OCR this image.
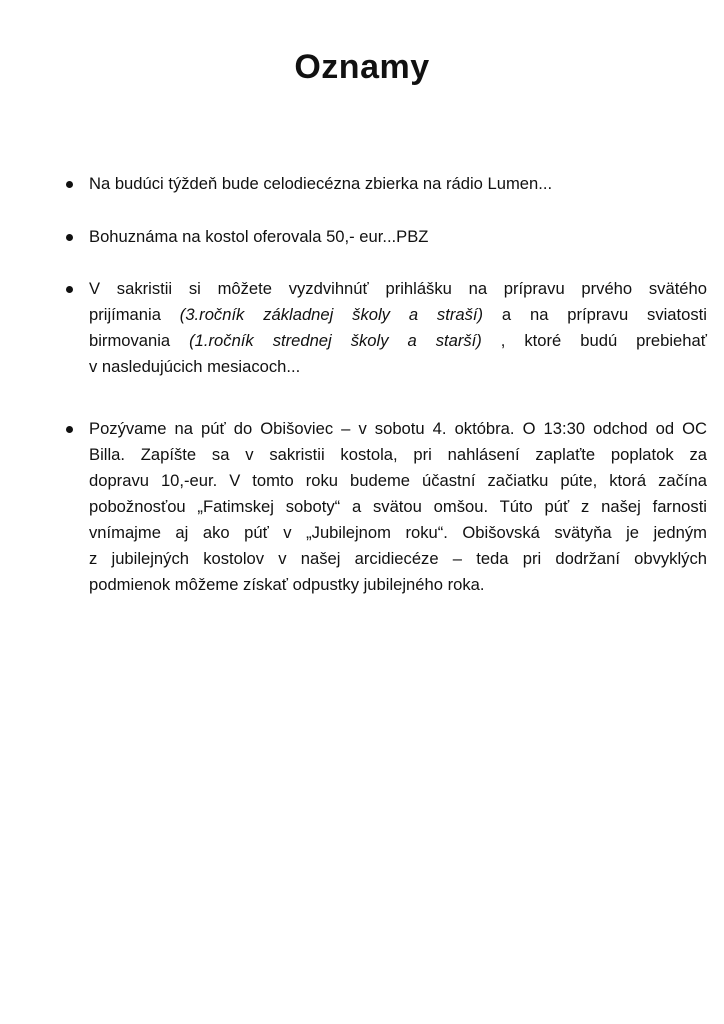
Oznamy
Na budúci týždeň bude celodiecézna zbierka na rádio Lumen...
Bohuznáma na kostol oferovala 50,- eur...PBZ
V sakristii si môžete vyzdvihnúť prihlášku na prípravu prvého svätého
prijímania (3.ročník základnej školy a straší) a na prípravu sviatosti
birmovania (1.ročník strednej školy a starší) , ktoré budú prebiehať
v nasledujúcich mesiacoch...
Pozývame na púť do Obišoviec – v sobotu 4. októbra. O 13:30 odchod od OC
Billa. Zapíšte sa v sakristii kostola, pri nahlásení zaplaťte poplatok za
dopravu 10,-eur. V tomto roku budeme účastní začiatku púte, ktorá začína
pobožnosťou „Fatimskej soboty“ a svätou omšou. Túto púť z našej farnosti
vnímajme aj ako púť v „Jubilejnom roku“. Obišovská svätyňa je jedným
z jubilejných kostolov v našej arcidiecéze – teda pri dodržaní obvyklých
podmienok môžeme získať odpustky jubilejného roka.
